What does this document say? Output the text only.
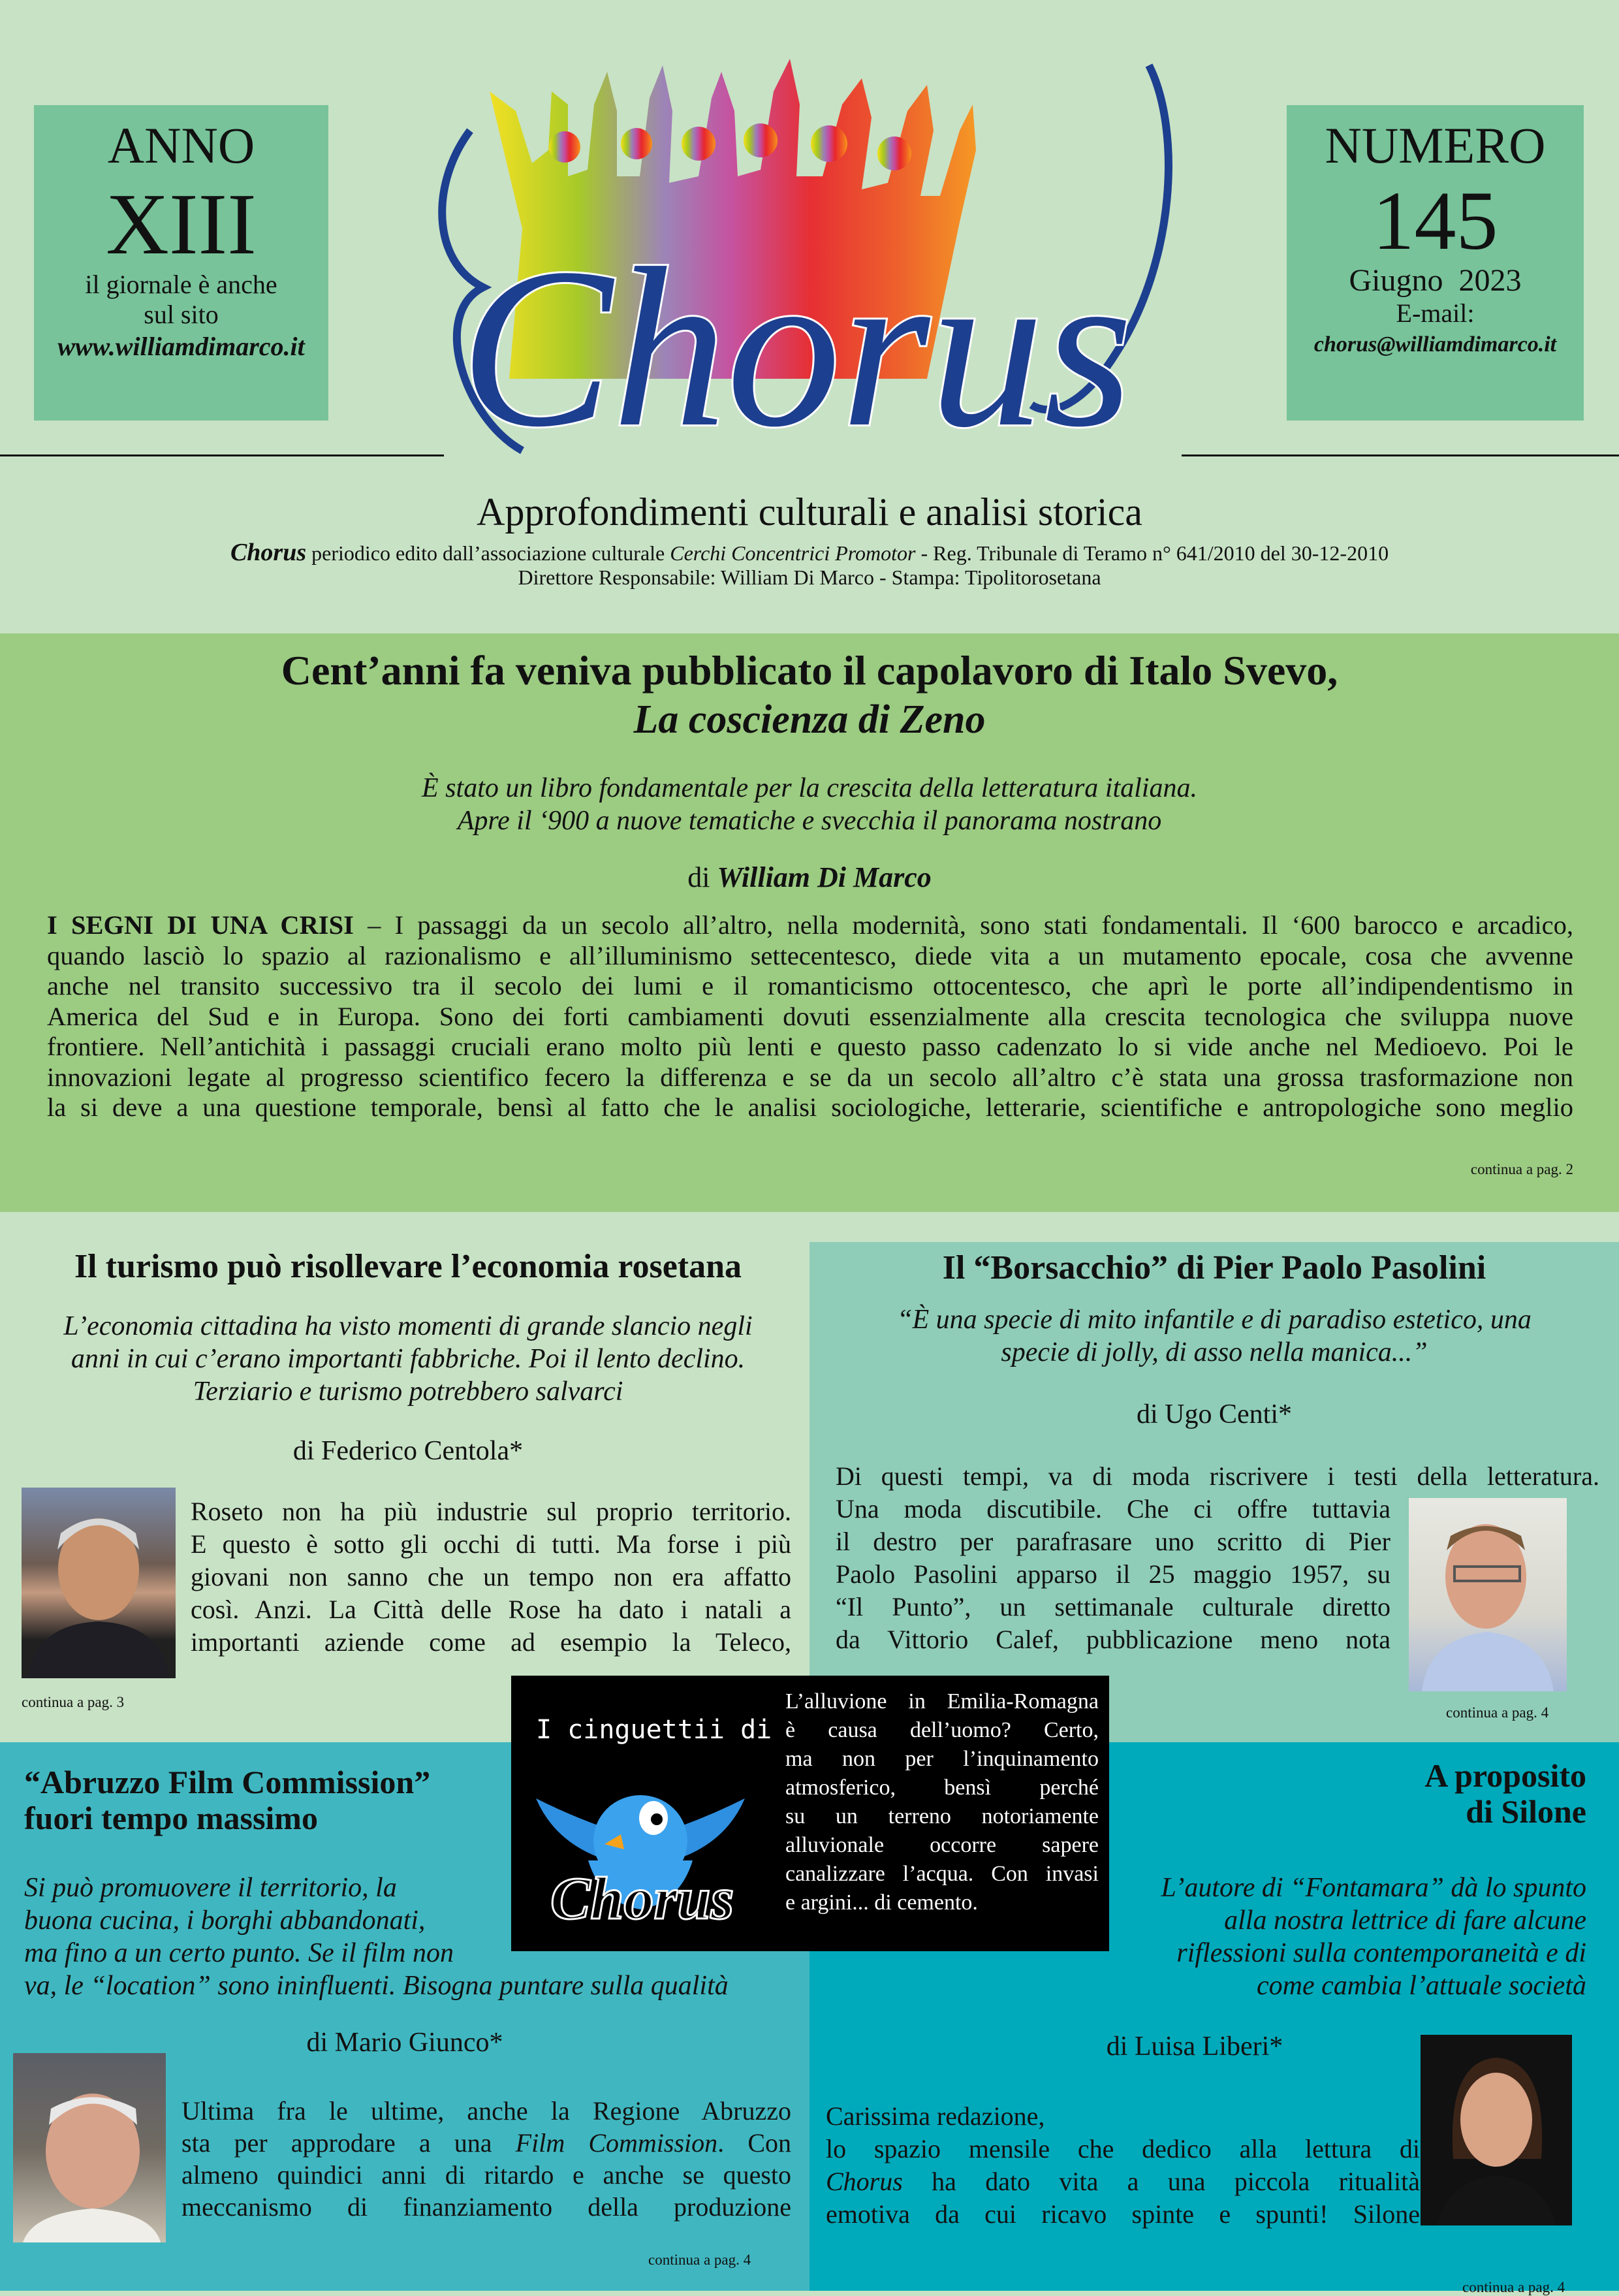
ANNO
XIII
il giornale è anche
sul sito
www.williamdimarco.it
NUMERO
145
Giugno  2023
E-mail:
chorus@williamdimarco.it
Chorus
Approfondimenti culturali e analisi storica
Chorus periodico edito dall’associazione culturale Cerchi Concentrici Promotor - Reg. Tribunale di Teramo n° 641/2010 del 30-12-2010
Direttore Responsabile: William Di Marco - Stampa: Tipolitorosetana
Cent’anni fa veniva pubblicato il capolavoro di Italo Svevo,
La coscienza di Zeno
È stato un libro fondamentale per la crescita della letteratura italiana.
Apre il ‘900 a nuove tematiche e svecchia il panorama nostrano
di William Di Marco
I SEGNI DI UNA CRISI – I passaggi da un secolo all’altro, nella modernità, sono stati fondamentali. Il ‘600 barocco e arcadico,
quando lasciò lo spazio al razionalismo e all’illuminismo settecentesco, diede vita a un mutamento epocale, cosa che avvenne
anche nel transito successivo tra il secolo dei lumi e il romanticismo ottocentesco, che aprì le porte all’indipendentismo in
America del Sud e in Europa. Sono dei forti cambiamenti dovuti essenzialmente alla crescita tecnologica che sviluppa nuove
frontiere. Nell’antichità i passaggi cruciali erano molto più lenti e questo passo cadenzato lo si vide anche nel Medioevo. Poi le
innovazioni legate al progresso scientifico fecero la differenza e se da un secolo all’altro c’è stata una grossa trasformazione non
la si deve a una questione temporale, bensì al fatto che le analisi sociologiche, letterarie, scientifiche e antropologiche sono meglio
continua a pag. 2
Il turismo può risollevare l’economia rosetana
L’economia cittadina ha visto momenti di grande slancio negli
anni in cui c’erano importanti fabbriche. Poi il lento declino.
Terziario e turismo potrebbero salvarci
di Federico Centola*
Roseto non ha più industrie sul proprio territorio.
E questo è sotto gli occhi di tutti. Ma forse i più
giovani non sanno che un tempo non era affatto
così. Anzi. La Città delle Rose ha dato i natali a
importanti aziende come ad esempio la Teleco,
continua a pag. 3
Il “Borsacchio” di Pier Paolo Pasolini
“È una specie di mito infantile e di paradiso estetico, una
specie di jolly, di asso nella manica...”
di Ugo Centi*
Di questi tempi, va di moda riscrivere i testi della letteratura.
Una moda discutibile. Che ci offre tuttavia
il destro per parafrasare uno scritto di Pier
Paolo Pasolini apparso il 25 maggio 1957, su
“Il Punto”, un settimanale culturale diretto
da Vittorio Calef, pubblicazione meno nota
continua a pag. 4
“Abruzzo Film Commission”
fuori tempo massimo
Si può promuovere il territorio, la
buona cucina, i borghi abbandonati,
ma fino a un certo punto. Se il film non
va, le “location” sono ininfluenti. Bisogna puntare sulla qualità
di Mario Giunco*
Ultima fra le ultime, anche la Regione Abruzzo
sta per approdare a una Film Commission. Con
almeno quindici anni di ritardo e anche se questo
meccanismo di finanziamento della produzione
continua a pag. 4
A proposito
di Silone
L’autore di “Fontamara” dà lo spunto
alla nostra lettrice di fare alcune
riflessioni sulla contemporaneità e di
come cambia l’attuale società
di Luisa Liberi*
Carissima redazione,
lo spazio mensile che dedico alla lettura di
Chorus ha dato vita a una piccola ritualità
emotiva da cui ricavo spinte e spunti! Silone
continua a pag. 4
I cinguettii di
Chorus
L’alluvione in Emilia-Romagna
è causa dell’uomo? Certo,
ma non per l’inquinamento
atmosferico, bensì perché
su un terreno notoriamente
alluvionale occorre sapere
canalizzare l’acqua. Con invasi
e argini... di cemento.
